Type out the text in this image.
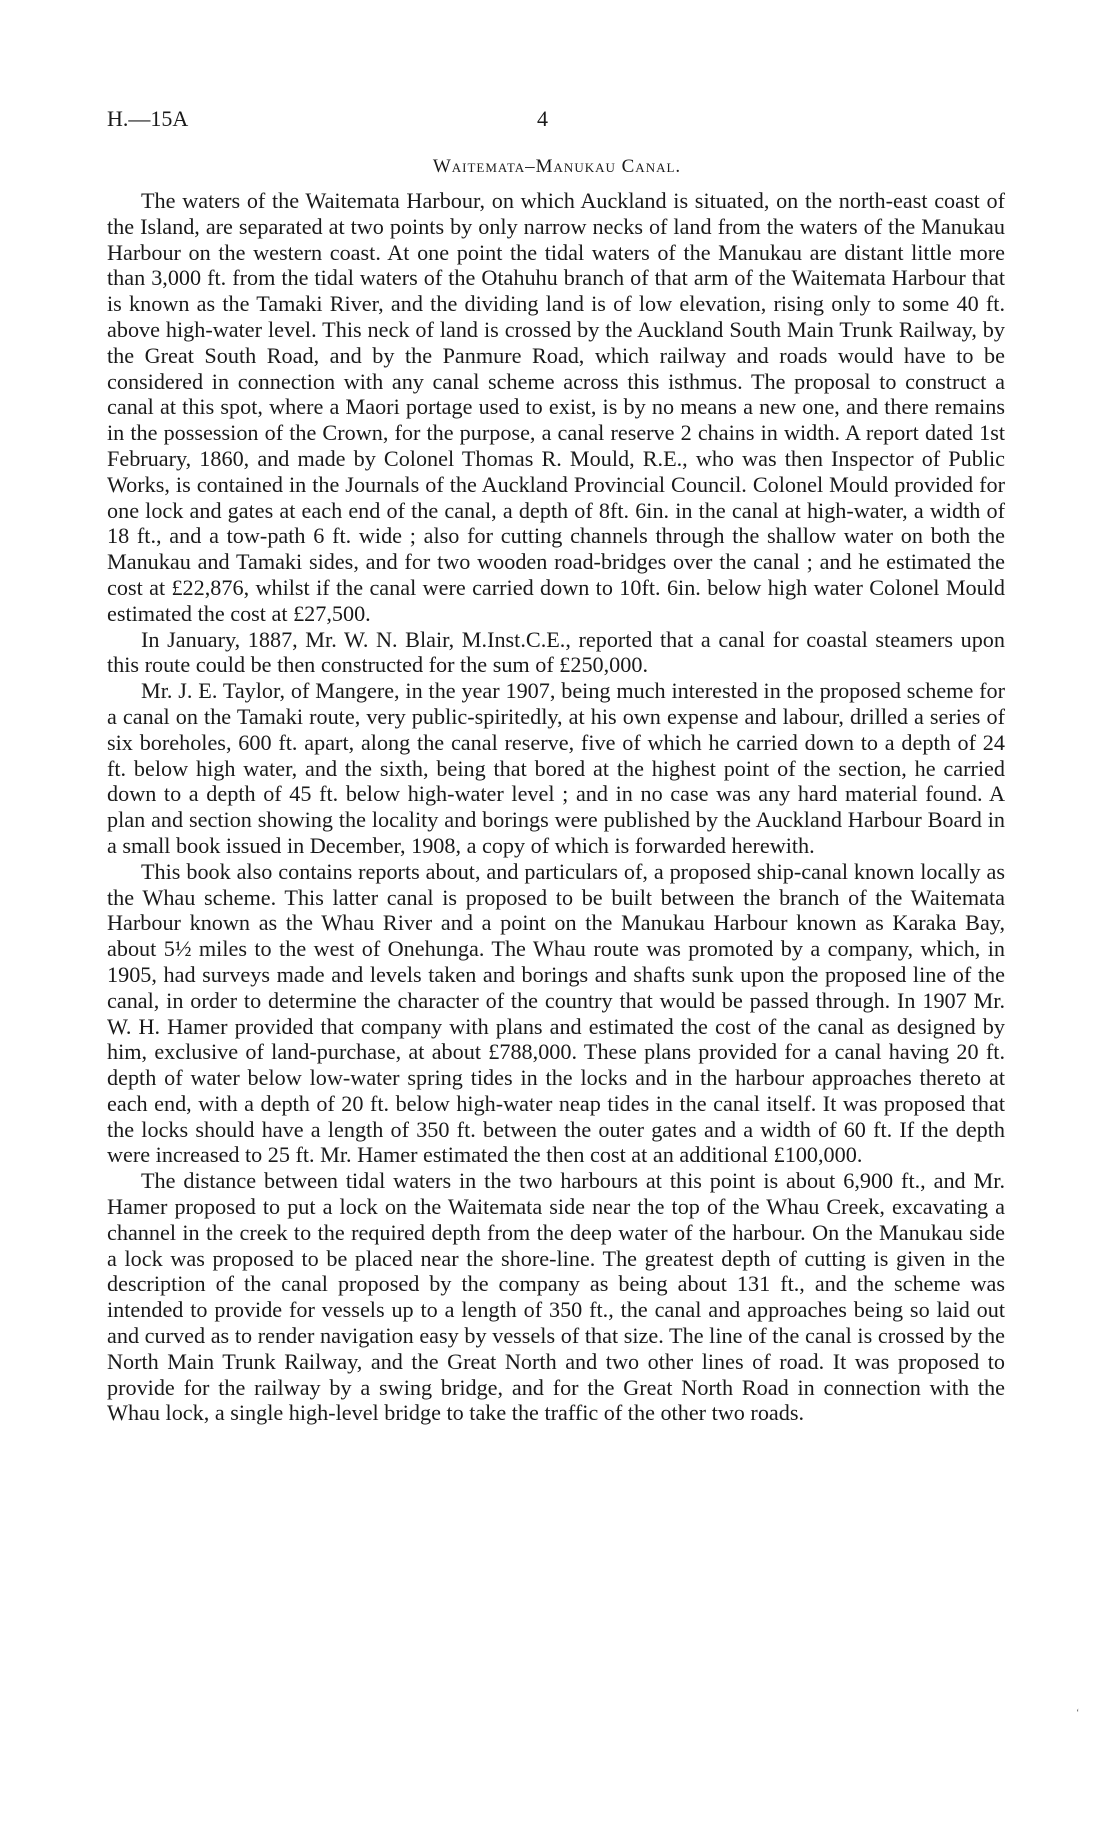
H.—15A	4
Waitemata–Manukau Canal.

The waters of the Waitemata Harbour, on which Auckland is situated, on the north-east coast of the Island, are separated at two points by only narrow necks of land from the waters of the Manukau Harbour on the western coast. At one point the tidal waters of the Manukau are distant little more than 3,000 ft. from the tidal waters of the Otahuhu branch of that arm of the Waitemata Harbour that is known as the Tamaki River, and the dividing land is of low elevation, rising only to some 40 ft. above high-water level. This neck of land is crossed by the Auckland South Main Trunk Railway, by the Great South Road, and by the Panmure Road, which railway and roads would have to be considered in connection with any canal scheme across this isthmus. The proposal to construct a canal at this spot, where a Maori portage used to exist, is by no means a new one, and there remains in the possession of the Crown, for the purpose, a canal reserve 2 chains in width. A report dated 1st February, 1860, and made by Colonel Thomas R. Mould, R.E., who was then Inspector of Public Works, is contained in the Journals of the Auckland Provincial Council. Colonel Mould provided for one lock and gates at each end of the canal, a depth of 8ft. 6in. in the canal at high-water, a width of 18 ft., and a tow-path 6 ft. wide ; also for cutting channels through the shallow water on both the Manukau and Tamaki sides, and for two wooden road-bridges over the canal ; and he estimated the cost at £22,876, whilst if the canal were carried down to 10ft. 6in. below high water Colonel Mould estimated the cost at £27,500.

In January, 1887, Mr. W. N. Blair, M.Inst.C.E., reported that a canal for coastal steamers upon this route could be then constructed for the sum of £250,000.

Mr. J. E. Taylor, of Mangere, in the year 1907, being much interested in the proposed scheme for a canal on the Tamaki route, very public-spiritedly, at his own expense and labour, drilled a series of six boreholes, 600 ft. apart, along the canal reserve, five of which he carried down to a depth of 24 ft. below high water, and the sixth, being that bored at the highest point of the section, he carried down to a depth of 45 ft. below high-water level ; and in no case was any hard material found. A plan and section showing the locality and borings were published by the Auckland Harbour Board in a small book issued in December, 1908, a copy of which is forwarded herewith.

This book also contains reports about, and particulars of, a proposed ship-canal known locally as the Whau scheme. This latter canal is proposed to be built between the branch of the Waitemata Harbour known as the Whau River and a point on the Manukau Harbour known as Karaka Bay, about 5½ miles to the west of Onehunga. The Whau route was promoted by a company, which, in 1905, had surveys made and levels taken and borings and shafts sunk upon the proposed line of the canal, in order to determine the character of the country that would be passed through. In 1907 Mr. W. H. Hamer provided that company with plans and estimated the cost of the canal as designed by him, exclusive of land-purchase, at about £788,000. These plans provided for a canal having 20 ft. depth of water below low-water spring tides in the locks and in the harbour approaches thereto at each end, with a depth of 20 ft. below high-water neap tides in the canal itself. It was proposed that the locks should have a length of 350 ft. between the outer gates and a width of 60 ft. If the depth were increased to 25 ft. Mr. Hamer estimated the then cost at an additional £100,000.

The distance between tidal waters in the two harbours at this point is about 6,900 ft., and Mr. Hamer proposed to put a lock on the Waitemata side near the top of the Whau Creek, excavating a channel in the creek to the required depth from the deep water of the harbour. On the Manukau side a lock was proposed to be placed near the shore-line. The greatest depth of cutting is given in the description of the canal proposed by the company as being about 131 ft., and the scheme was intended to provide for vessels up to a length of 350 ft., the canal and approaches being so laid out and curved as to render navigation easy by vessels of that size. The line of the canal is crossed by the North Main Trunk Railway, and the Great North and two other lines of road. It was proposed to provide for the railway by a swing bridge, and for the Great North Road in connection with the Whau lock, a single high-level bridge to take the traffic of the other two roads.

‘
